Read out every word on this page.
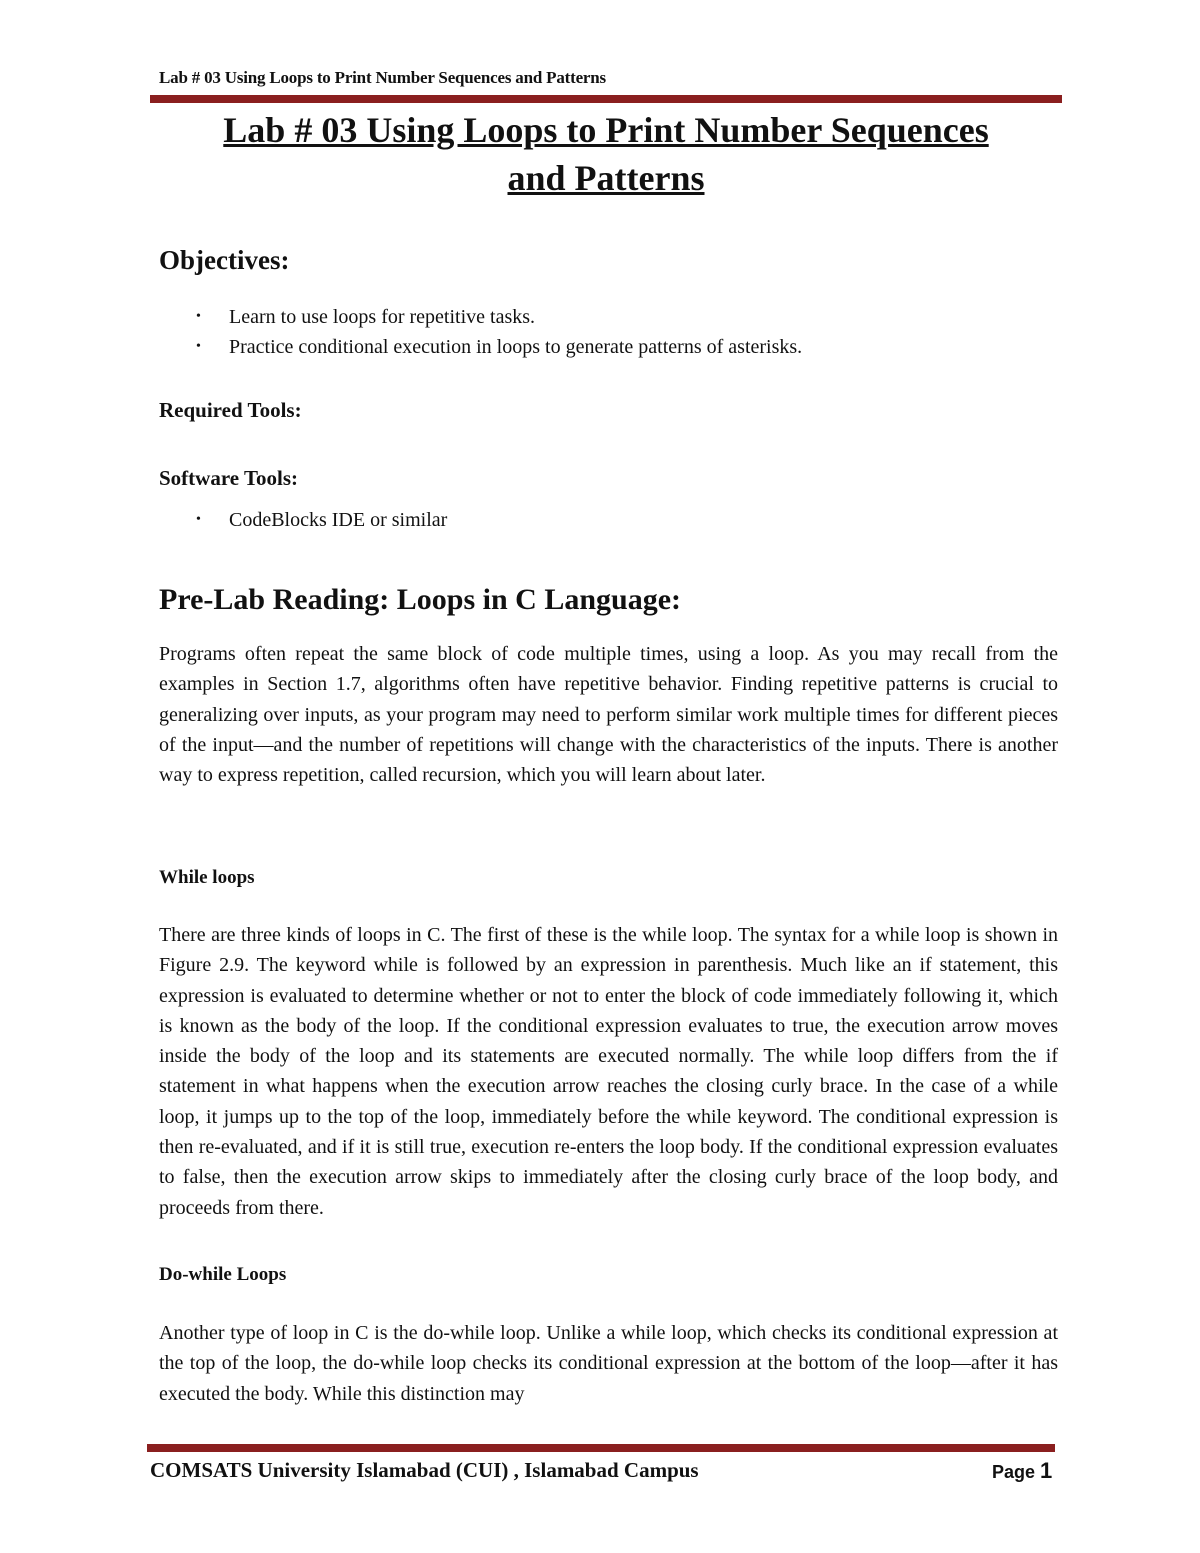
Lab # 03 Using Loops to Print Number Sequences and Patterns
Lab # 03 Using Loops to Print Number Sequences
and Patterns
Objectives:
• Learn to use loops for repetitive tasks.
• Practice conditional execution in loops to generate patterns of asterisks.
Required Tools:
Software Tools:
• CodeBlocks IDE or similar
Pre-Lab Reading: Loops in C Language:
Programs often repeat the same block of code multiple times, using a loop. As you may recall from the examples in Section 1.7, algorithms often have repetitive behavior. Finding repetitive patterns is crucial to generalizing over inputs, as your program may need to perform similar work multiple times for different pieces of the input—and the number of repetitions will change with the characteristics of the inputs. There is another way to express repetition, called recursion, which you will learn about later.
While loops
There are three kinds of loops in C. The first of these is the while loop. The syntax for a while loop is shown in Figure 2.9. The keyword while is followed by an expression in parenthesis. Much like an if statement, this expression is evaluated to determine whether or not to enter the block of code immediately following it, which is known as the body of the loop. If the conditional expression evaluates to true, the execution arrow moves inside the body of the loop and its statements are executed normally. The while loop differs from the if statement in what happens when the execution arrow reaches the closing curly brace. In the case of a while loop, it jumps up to the top of the loop, immediately before the while keyword. The conditional expression is then re-evaluated, and if it is still true, execution re-enters the loop body. If the conditional expression evaluates to false, then the execution arrow skips to immediately after the closing curly brace of the loop body, and proceeds from there.
Do-while Loops
Another type of loop in C is the do-while loop. Unlike a while loop, which checks its conditional expression at the top of the loop, the do-while loop checks its conditional expression at the bottom of the loop—after it has executed the body. While this distinction may
COMSATS University Islamabad (CUI) , Islamabad Campus	Page 1
